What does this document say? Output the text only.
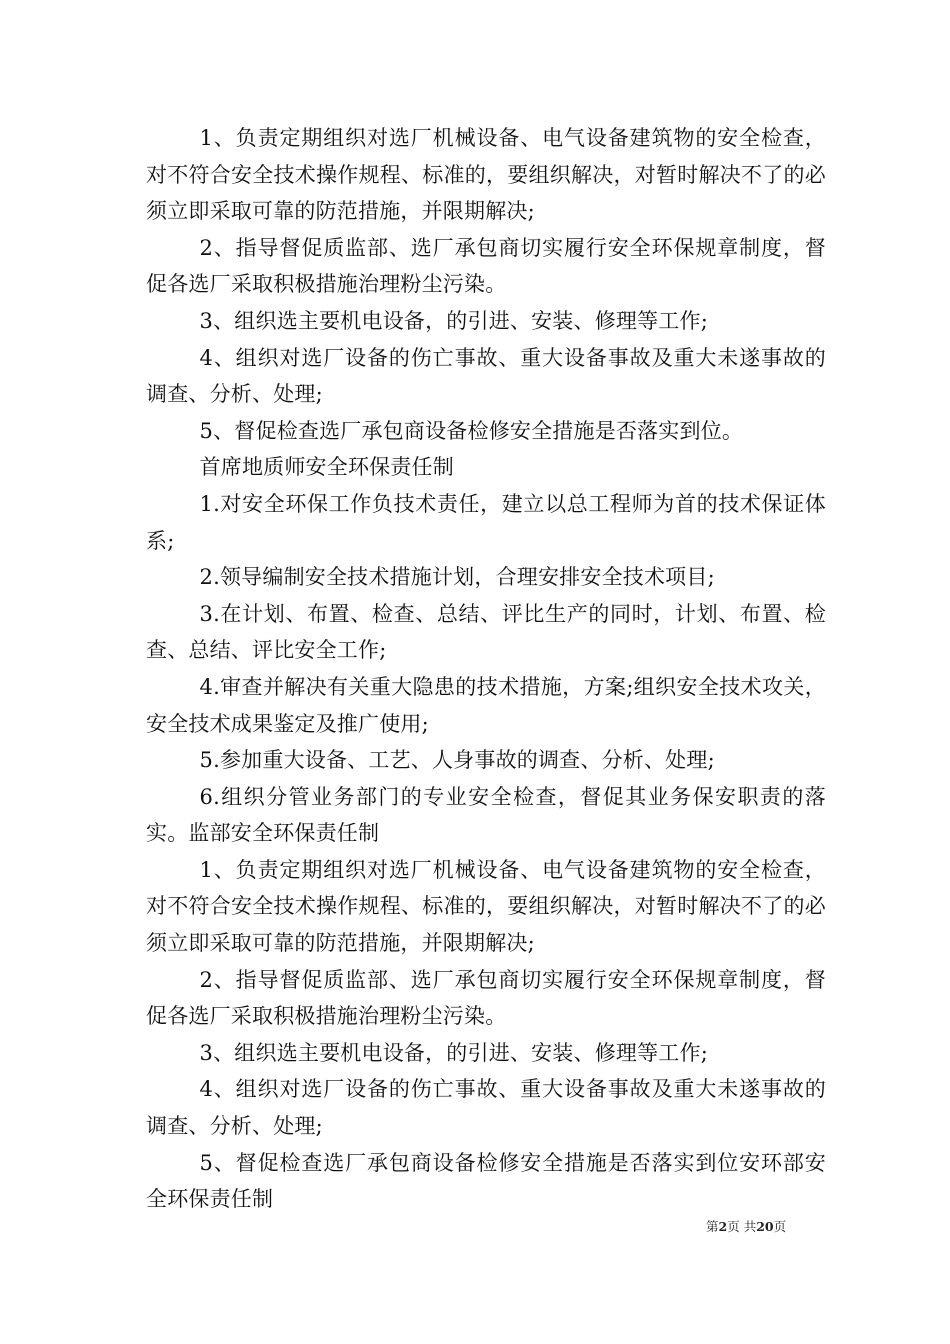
1、负责定期组织对选厂机械设备、电气设备建筑物的安全检查，对不符合安全技术操作规程、标准的，要组织解决，对暂时解决不了的必须立即采取可靠的防范措施，并限期解决;

2、指导督促质监部、选厂承包商切实履行安全环保规章制度，督促各选厂采取积极措施治理粉尘污染。

3、组织选主要机电设备，的引进、安装、修理等工作;

4、组织对选厂设备的伤亡事故、重大设备事故及重大未遂事故的调查、分析、处理;

5、督促检查选厂承包商设备检修安全措施是否落实到位。

首席地质师安全环保责任制

1.对安全环保工作负技术责任，建立以总工程师为首的技术保证体系;

2.领导编制安全技术措施计划，合理安排安全技术项目;

3.在计划、布置、检查、总结、评比生产的同时，计划、布置、检查、总结、评比安全工作;

4.审查并解决有关重大隐患的技术措施，方案;组织安全技术攻关，安全技术成果鉴定及推广使用;

5.参加重大设备、工艺、人身事故的调查、分析、处理;

6.组织分管业务部门的专业安全检查，督促其业务保安职责的落实。监部安全环保责任制

1、负责定期组织对选厂机械设备、电气设备建筑物的安全检查，对不符合安全技术操作规程、标准的，要组织解决，对暂时解决不了的必须立即采取可靠的防范措施，并限期解决;

2、指导督促质监部、选厂承包商切实履行安全环保规章制度，督促各选厂采取积极措施治理粉尘污染。

3、组织选主要机电设备，的引进、安装、修理等工作;

4、组织对选厂设备的伤亡事故、重大设备事故及重大未遂事故的调查、分析、处理;

5、督促检查选厂承包商设备检修安全措施是否落实到位安环部安全环保责任制

第2页 共20页
